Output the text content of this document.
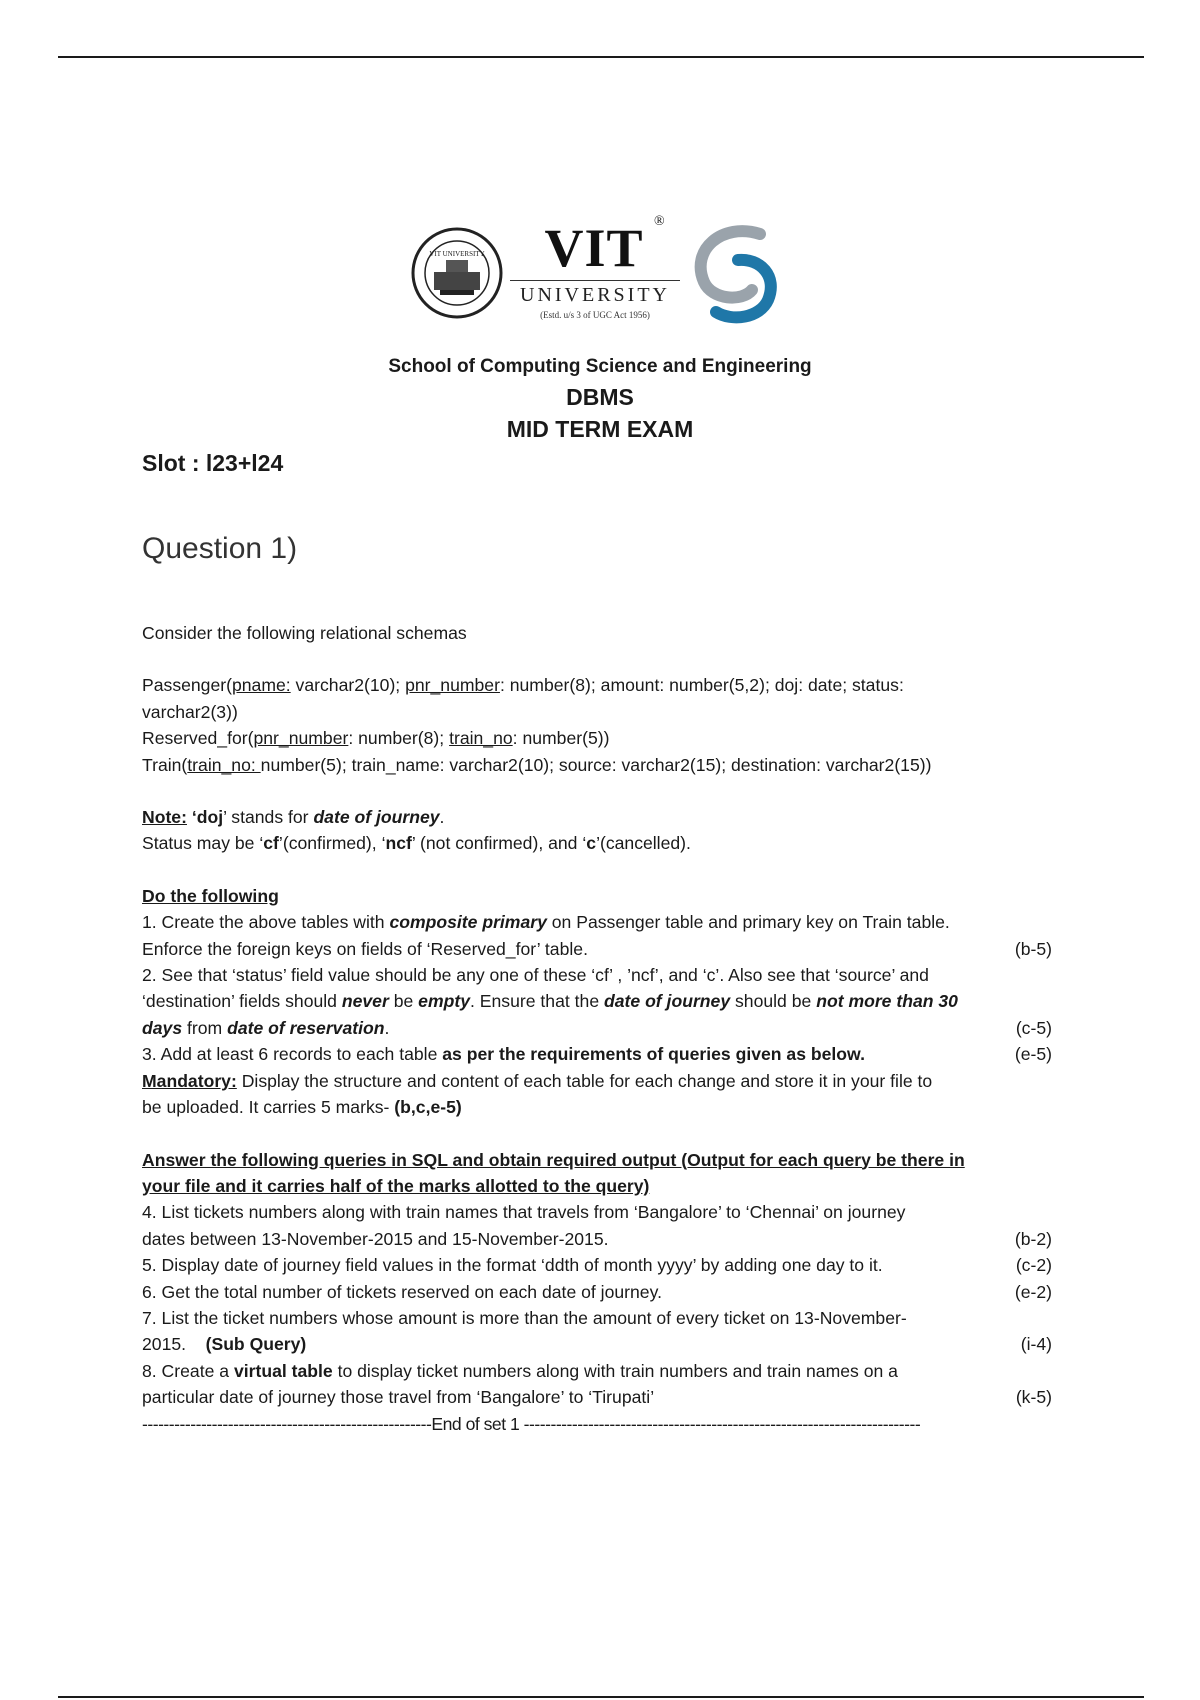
VIT UNIVERSITY	VIT ®
UNIVERSITY
(Estd. u/s 3 of UGC Act 1956)
School of Computing Science and Engineering
DBMS
MID TERM EXAM
Slot : l23+l24
Question 1)

Consider the following relational schemas

Passenger(pname: varchar2(10); pnr_number: number(8); amount: number(5,2); doj: date; status:

varchar2(3))

Reserved_for(pnr_number: number(8); train_no: number(5))

Train(train_no: number(5); train_name: varchar2(10); source: varchar2(15); destination: varchar2(15))

Note: ‘doj’ stands for date of journey.

Status may be ‘cf’(confirmed), ‘ncf’ (not confirmed), and ‘c’(cancelled).

Do the following

1. Create the above tables with composite primary on Passenger table and primary key on Train table.

Enforce the foreign keys on fields of ‘Reserved_for’ table.	(b-5)

2. See that ‘status’ field value should be any one of these ‘cf’ , ’ncf’, and ‘c’. Also see that ‘source’ and

‘destination’ fields should never be empty. Ensure that the date of journey should be not more than 30

days from date of reservation.	(c-5)
3. Add at least 6 records to each table as per the requirements of queries given as below.	(e-5)

Mandatory: Display the structure and content of each table for each change and store it in your file to

be uploaded. It carries 5 marks- (b,c,e-5)

Answer the following queries in SQL and obtain required output (Output for each query be there in

your file and it carries half of the marks allotted to the query)

4. List tickets numbers along with train names that travels from ‘Bangalore’ to ‘Chennai’ on journey

dates between 13-November-2015 and 15-November-2015.	(b-2)
5. Display date of journey field values in the format ‘ddth of month yyyy’ by adding one day to it.	(c-2)
6. Get the total number of tickets reserved on each date of journey.	(e-2)

7. List the ticket numbers whose amount is more than the amount of every ticket on 13-November-

2015.    (Sub Query)	(i-4)

8. Create a virtual table to display ticket numbers along with train numbers and train names on a

particular date of journey those travel from ‘Bangalore’ to ‘Tirupati’	(k-5)

------------------------------------------------------End of set 1 --------------------------------------------------------------------------
